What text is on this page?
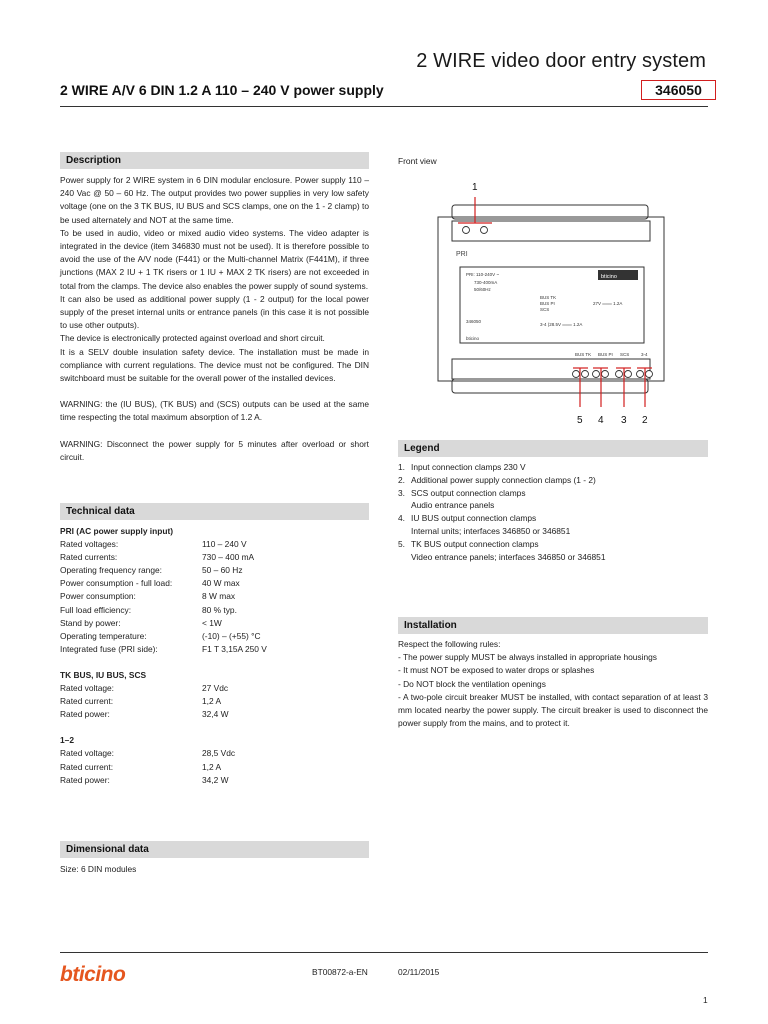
2 WIRE video door entry system
2 WIRE A/V 6 DIN 1.2 A 110 – 240 V power supply	346050
Description

Power supply for 2 WIRE system in 6 DIN modular enclosure. Power supply 110 – 240 Vac @ 50 – 60 Hz. The output provides two power supplies in very low safety voltage (one on the 3 TK BUS, IU BUS and SCS clamps, one on the 1 - 2 clamp) to be used alternately and NOT at the same time.

To be used in audio, video or mixed audio video systems. The video adapter is integrated in the device (item 346830 must not be used). It is therefore possible to avoid the use of the A/V node (F441) or the Multi-channel Matrix (F441M), if three junctions (MAX 2 IU + 1 TK risers or 1 IU + MAX 2 TK risers) are not exceeded in total from the clamps. The device also enables the power supply of sound systems.

It can also be used as additional power supply (1 - 2 output) for the local power supply of the preset internal units or entrance panels (in this case it is not possible to use other outputs).

The device is electronically protected against overload and short circuit.

It is a SELV double insulation safety device. The installation must be made in compliance with current regulations. The device must not be configured. The DIN switchboard must be suitable for the overall power of the installed devices.

WARNING: the (IU BUS), (TK BUS) and (SCS) outputs can be used at the same time respecting the total maximum absorption of 1.2 A.

WARNING: Disconnect the power supply for 5 minutes after overload or short circuit.

Technical data
PRI (AC power supply input)
Rated voltages:	110 – 240 V
Rated currents:	730 – 400 mA
Operating frequency range:	50 – 60 Hz
Power consumption - full load:	40 W max
Power consumption:	8 W max
Full load efficiency:	80 % typ.
Stand by power:	< 1W
Operating temperature:	(-10) – (+55) °C
Integrated fuse (PRI side):	F1 T 3,15A 250 V
TK BUS, IU BUS, SCS
Rated voltage:	27 Vdc
Rated current:	1,2 A
Rated power:	32,4 W
1–2
Rated voltage:	28,5 Vdc
Rated current:	1,2 A
Rated power:	34,2 W
Dimensional data
Size: 6 DIN modules
Front view
1
PRI
PRI: 110-240V ~
730-400mA
50/60Hz
bticino
BUS TK
BUS PI
SCS
27V ═══ 1.2A
346050
3-4 (28.5V ═══ 1.2A
bticino
BUS TK BUS PI SCS	3-4
5 4 3 2
Legend
1. Input connection clamps 230 V
2. Additional power supply connection clamps (1 - 2)
3. SCS output connection clamps
Audio entrance panels
4. IU BUS output connection clamps
Internal units; interfaces 346850 or 346851
5. TK BUS output connection clamps
Video entrance panels; interfaces 346850 or 346851
Installation

Respect the following rules:

- The power supply MUST be always installed in appropriate housings

- It must NOT be exposed to water drops or splashes

- Do NOT block the ventilation openings

- A two-pole circuit breaker MUST be installed, with contact separation of at least 3 mm located nearby the power supply. The circuit breaker is used to disconnect the power supply from the mains, and to protect it.

bticino	BT00872-a-EN	02/11/2015
1
